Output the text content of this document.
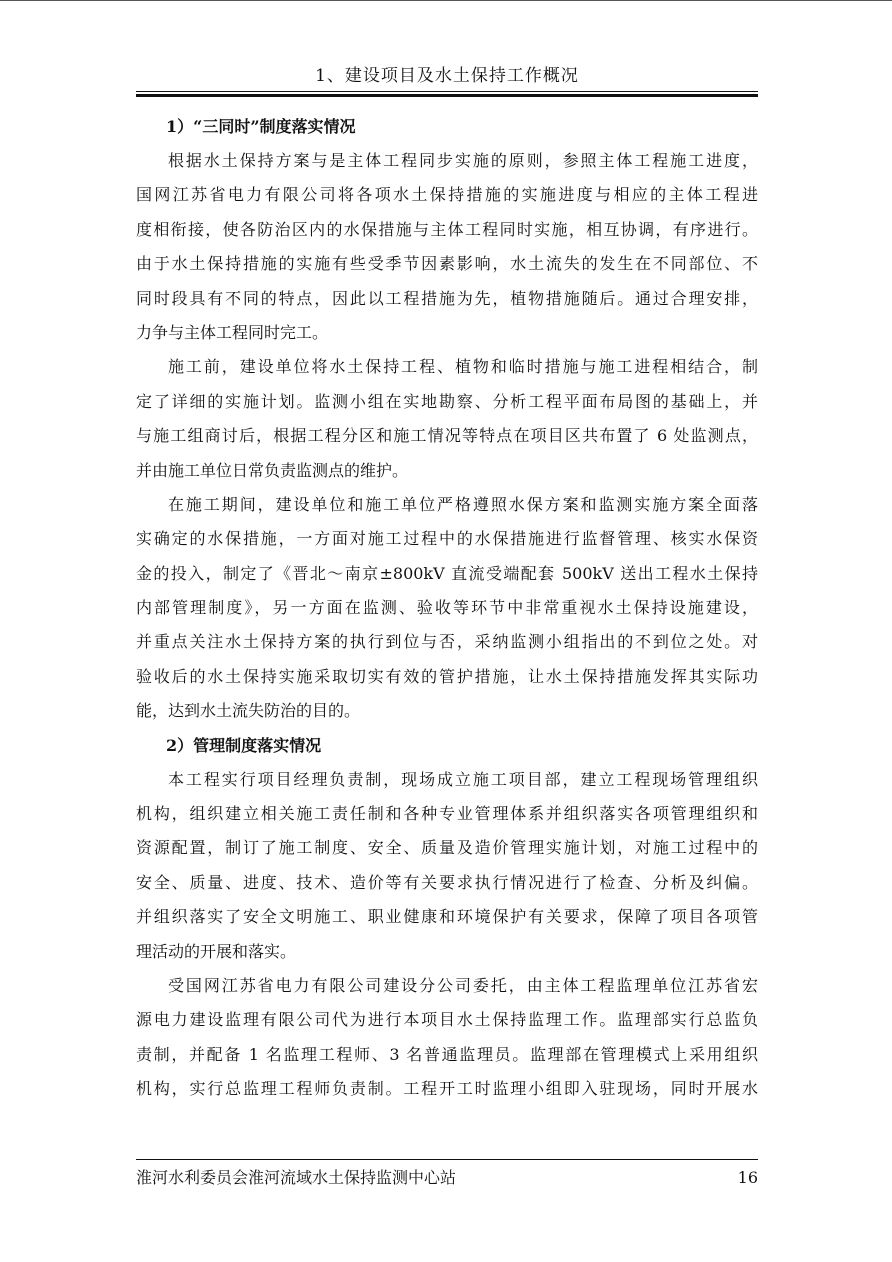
1、建设项目及水土保持工作概况
1）“三同时”制度落实情况
根据水土保持方案与是主体工程同步实施的原则，参照主体工程施工进度，
国网江苏省电力有限公司将各项水土保持措施的实施进度与相应的主体工程进
度相衔接，使各防治区内的水保措施与主体工程同时实施，相互协调，有序进行。
由于水土保持措施的实施有些受季节因素影响，水土流失的发生在不同部位、不
同时段具有不同的特点，因此以工程措施为先，植物措施随后。通过合理安排，
力争与主体工程同时完工。
施工前，建设单位将水土保持工程、植物和临时措施与施工进程相结合，制
定了详细的实施计划。监测小组在实地勘察、分析工程平面布局图的基础上，并
与施工组商讨后，根据工程分区和施工情况等特点在项目区共布置了 6 处监测点，
并由施工单位日常负责监测点的维护。
在施工期间，建设单位和施工单位严格遵照水保方案和监测实施方案全面落
实确定的水保措施，一方面对施工过程中的水保措施进行监督管理、核实水保资
金的投入，制定了《晋北～南京±800kV 直流受端配套 500kV 送出工程水土保持
内部管理制度》，另一方面在监测、验收等环节中非常重视水土保持设施建设，
并重点关注水土保持方案的执行到位与否，采纳监测小组指出的不到位之处。对
验收后的水土保持实施采取切实有效的管护措施，让水土保持措施发挥其实际功
能，达到水土流失防治的目的。
2）管理制度落实情况
本工程实行项目经理负责制，现场成立施工项目部，建立工程现场管理组织
机构，组织建立相关施工责任制和各种专业管理体系并组织落实各项管理组织和
资源配置，制订了施工制度、安全、质量及造价管理实施计划，对施工过程中的
安全、质量、进度、技术、造价等有关要求执行情况进行了检查、分析及纠偏。
并组织落实了安全文明施工、职业健康和环境保护有关要求，保障了项目各项管
理活动的开展和落实。
受国网江苏省电力有限公司建设分公司委托，由主体工程监理单位江苏省宏
源电力建设监理有限公司代为进行本项目水土保持监理工作。监理部实行总监负
责制，并配备 1 名监理工程师、3 名普通监理员。监理部在管理模式上采用组织
机构，实行总监理工程师负责制。工程开工时监理小组即入驻现场，同时开展水
淮河水利委员会淮河流域水土保持监测中心站	16
